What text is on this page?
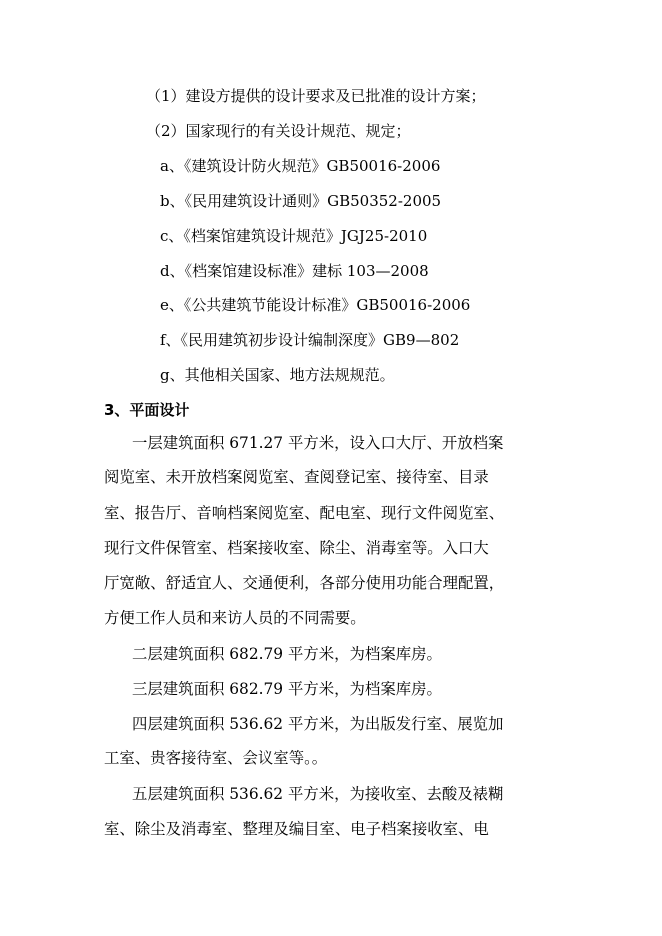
（1）建设方提供的设计要求及已批准的设计方案；
（2）国家现行的有关设计规范、规定；
a、《建筑设计防火规范》GB50016-2006
b、《民用建筑设计通则》GB50352-2005
c、《档案馆建筑设计规范》JGJ25-2010
d、《档案馆建设标准》建标 103—2008
e、《公共建筑节能设计标准》GB50016-2006
f、《民用建筑初步设计编制深度》GB9—802
g、其他相关国家、地方法规规范。
3、平面设计
一层建筑面积 671.27 平方米，设入口大厅、开放档案
阅览室、未开放档案阅览室、查阅登记室、接待室、目录
室、报告厅、音响档案阅览室、配电室、现行文件阅览室、
现行文件保管室、档案接收室、除尘、消毒室等。入口大
厅宽敞、舒适宜人、交通便利，各部分使用功能合理配置，
方便工作人员和来访人员的不同需要。
二层建筑面积 682.79 平方米，为档案库房。
三层建筑面积 682.79 平方米，为档案库房。
四层建筑面积 536.62 平方米，为出版发行室、展览加
工室、贵客接待室、会议室等。。
五层建筑面积 536.62 平方米，为接收室、去酸及裱糊
室、除尘及消毒室、整理及编目室、电子档案接收室、电
